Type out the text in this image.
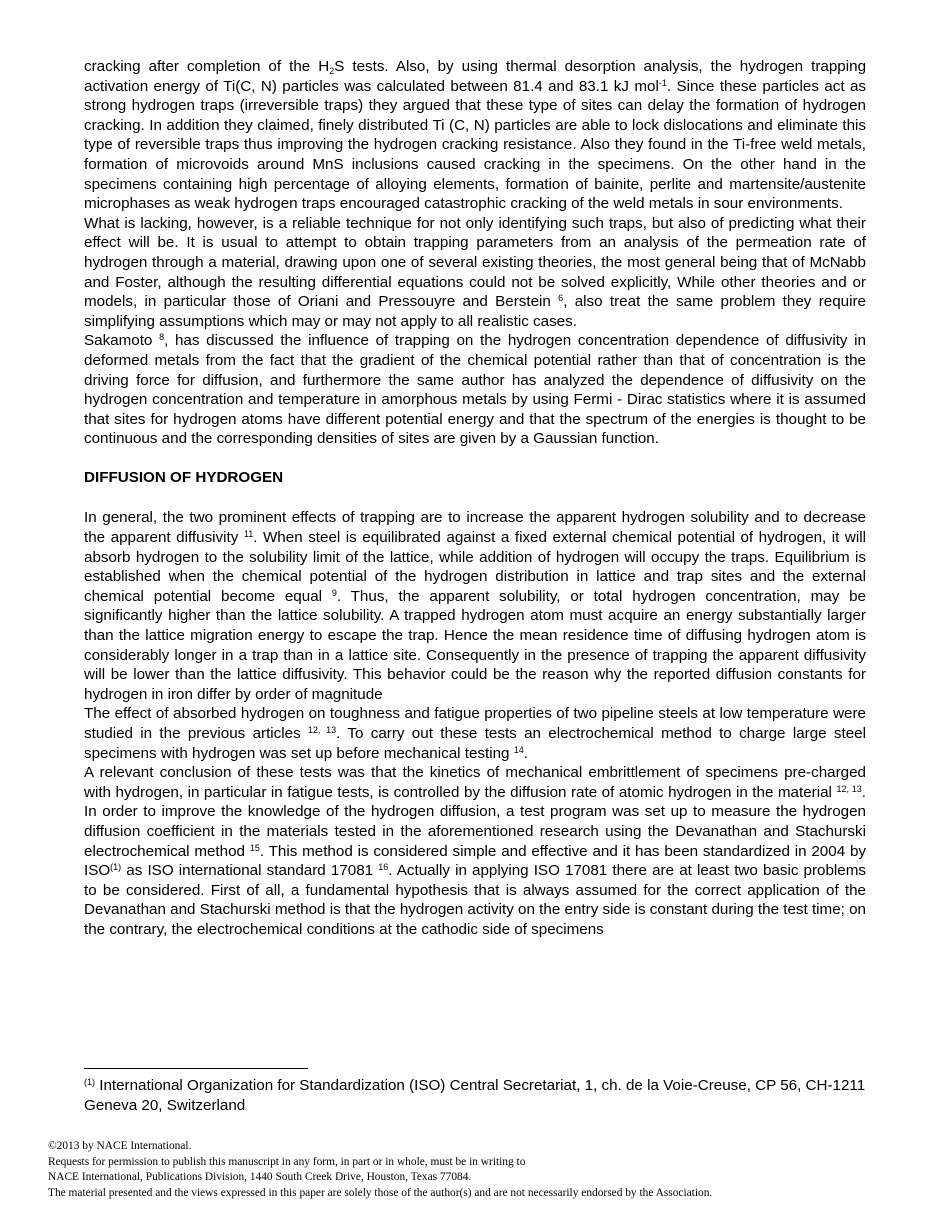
cracking after completion of the $H_2S$ tests. Also, by using thermal desorption analysis, the hydrogen trapping activation energy of Ti(C, N) particles was calculated between 81.4 and 83.1 kJ mol$^{-1}$. Since these particles act as strong hydrogen traps (irreversible traps) they argued that these type of sites can delay the formation of hydrogen cracking. In addition they claimed, finely distributed Ti (C, N) particles are able to lock dislocations and eliminate this type of reversible traps thus improving the hydrogen cracking resistance. Also they found in the Ti-free weld metals, formation of microvoids around MnS inclusions caused cracking in the specimens. On the other hand in the specimens containing high percentage of alloying elements, formation of bainite, perlite and martensite/austenite microphases as weak hydrogen traps encouraged catastrophic cracking of the weld metals in sour environments.

What is lacking, however, is a reliable technique for not only identifying such traps, but also of predicting what their effect will be. It is usual to attempt to obtain trapping parameters from an analysis of the permeation rate of hydrogen through a material, drawing upon one of several existing theories, the most general being that of McNabb and Foster, although the resulting differential equations could not be solved explicitly, While other theories and or models, in particular those of Oriani and Pressouyre and Berstein $^6$, also treat the same problem they require simplifying assumptions which may or may not apply to all realistic cases.

Sakamoto $^8$, has discussed the influence of trapping on the hydrogen concentration dependence of diffusivity in deformed metals from the fact that the gradient of the chemical potential rather than that of concentration is the driving force for diffusion, and furthermore the same author has analyzed the dependence of diffusivity on the hydrogen concentration and temperature in amorphous metals by using Fermi - Dirac statistics where it is assumed that sites for hydrogen atoms have different potential energy and that the spectrum of the energies is thought to be continuous and the corresponding densities of sites are given by a Gaussian function.

DIFFUSION OF HYDROGEN

In general, the two prominent effects of trapping are to increase the apparent hydrogen solubility and to decrease the apparent diffusivity $^{11}$. When steel is equilibrated against a fixed external chemical potential of hydrogen, it will absorb hydrogen to the solubility limit of the lattice, while addition of hydrogen will occupy the traps. Equilibrium is established when the chemical potential of the hydrogen distribution in lattice and trap sites and the external chemical potential become equal $^9$. Thus, the apparent solubility, or total hydrogen concentration, may be significantly higher than the lattice solubility. A trapped hydrogen atom must acquire an energy substantially larger than the lattice migration energy to escape the trap. Hence the mean residence time of diffusing hydrogen atom is considerably longer in a trap than in a lattice site. Consequently in the presence of trapping the apparent diffusivity will be lower than the lattice diffusivity. This behavior could be the reason why the reported diffusion constants for hydrogen in iron differ by order of magnitude

The effect of absorbed hydrogen on toughness and fatigue properties of two pipeline steels at low temperature were studied in the previous articles $^{12, 13}$. To carry out these tests an electrochemical method to charge large steel specimens with hydrogen was set up before mechanical testing $^{14}$.

A relevant conclusion of these tests was that the kinetics of mechanical embrittlement of specimens pre-charged with hydrogen, in particular in fatigue tests, is controlled by the diffusion rate of atomic hydrogen in the material $^{12, 13}$. In order to improve the knowledge of the hydrogen diffusion, a test program was set up to measure the hydrogen diffusion coefficient in the materials tested in the aforementioned research using the Devanathan and Stachurski electrochemical method $^{15}$. This method is considered simple and effective and it has been standardized in 2004 by ISO$^{(1)}$ as ISO international standard 17081 $^{16}$. Actually in applying ISO 17081 there are at least two basic problems to be considered. First of all, a fundamental hypothesis that is always assumed for the correct application of the Devanathan and Stachurski method is that the hydrogen activity on the entry side is constant during the test time; on the contrary, the electrochemical conditions at the cathodic side of specimens

$^{(1)}$ International Organization for Standardization (ISO) Central Secretariat, 1, ch. de la Voie-Creuse, CP 56, CH-1211 Geneva 20, Switzerland
©2013 by NACE International.
Requests for permission to publish this manuscript in any form, in part or in whole, must be in writing to
NACE International, Publications Division, 1440 South Creek Drive, Houston, Texas 77084.
The material presented and the views expressed in this paper are solely those of the author(s) and are not necessarily endorsed by the Association.
